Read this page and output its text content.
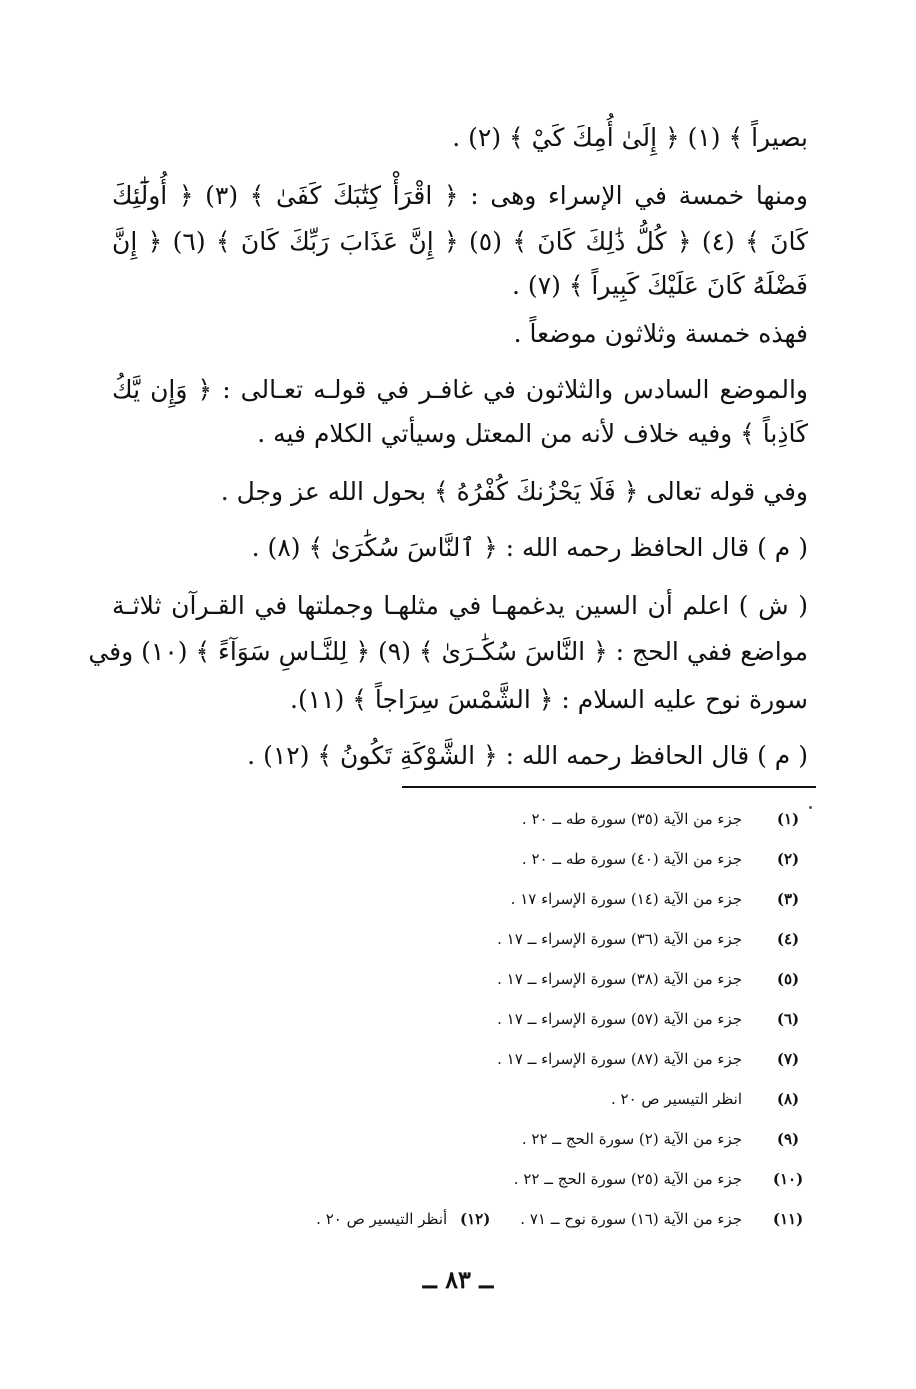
بصيراً ﴾ (١) ﴿ إِلَىٰ أُمِكَ كَيْ ﴾ (٢) .
ومنها خمسة في الإسراء وهى : ﴿ اقْرَأْ كِتَٰبَكَ كَفَىٰ ﴾ (٣) ﴿ أُولَٰٓئِكَ
كَانَ ﴾ (٤) ﴿ كُلُّ ذَٰلِكَ كَانَ ﴾ (٥) ﴿ إِنَّ عَذَابَ رَبِّكَ كَانَ ﴾ (٦) ﴿ إِنَّ
فَضْلَهُ كَانَ عَلَيْكَ كَبِيراً ﴾ (٧) .
فهذه خمسة وثلاثون موضعاً .
والموضع السادس والثلاثون في غافـر في قولـه تعـالى : ﴿ وَإِن يَّكُ
كَاذِباً ﴾ وفيه خلاف لأنه من المعتل وسيأتي الكلام فيه .
وفي قوله تعالى ﴿ فَلَا يَحْزُنكَ كُفْرُهُ ﴾ بحول الله عز وجل .
( م ) قال الحافظ رحمه الله : ﴿ ٱلنَّاسَ سُكَٰرَىٰ ﴾ (٨) .
( ش ) اعلم أن السين يدغمهـا في مثلهـا وجملتها في القـرآن ثلاثـة
مواضع ففي الحج : ﴿ النَّاسَ سُكَٰـرَىٰ ﴾ (٩) ﴿ لِلنَّـاسِ سَوَآءً ﴾ (١٠) وفي
سورة نوح عليه السلام : ﴿ الشَّمْسَ سِرَاجاً ﴾ (١١).
( م ) قال الحافظ رحمه الله : ﴿ الشَّوْكَةِ تَكُونُ ﴾ (١٢) .
(١)
جزء من الآية (٣٥) سورة طه ــ ٢٠ .
(٢)
جزء من الآية (٤٠) سورة طه ــ ٢٠ .
(٣)
جزء من الآية (١٤) سورة الإسراء ١٧ .
(٤)
جزء من الآية (٣٦) سورة الإسراء ــ ١٧ .
(٥)
جزء من الآية (٣٨) سورة الإسراء ــ ١٧ .
(٦)
جزء من الآية (٥٧) سورة الإسراء ــ ١٧ .
(٧)
جزء من الآية (٨٧) سورة الإسراء ــ ١٧ .
(٨)
انظر التيسير ص ٢٠ .
(٩)
جزء من الآية (٢) سورة الحج ــ ٢٢ .
(١٠)
جزء من الآية (٢٥) سورة الحج ــ ٢٢ .
(١١)
جزء من الآية (١٦) سورة نوح ــ ٧١ .
(١٢) أنظر التيسير ص ٢٠ .
ــ ٨٣ ــ
